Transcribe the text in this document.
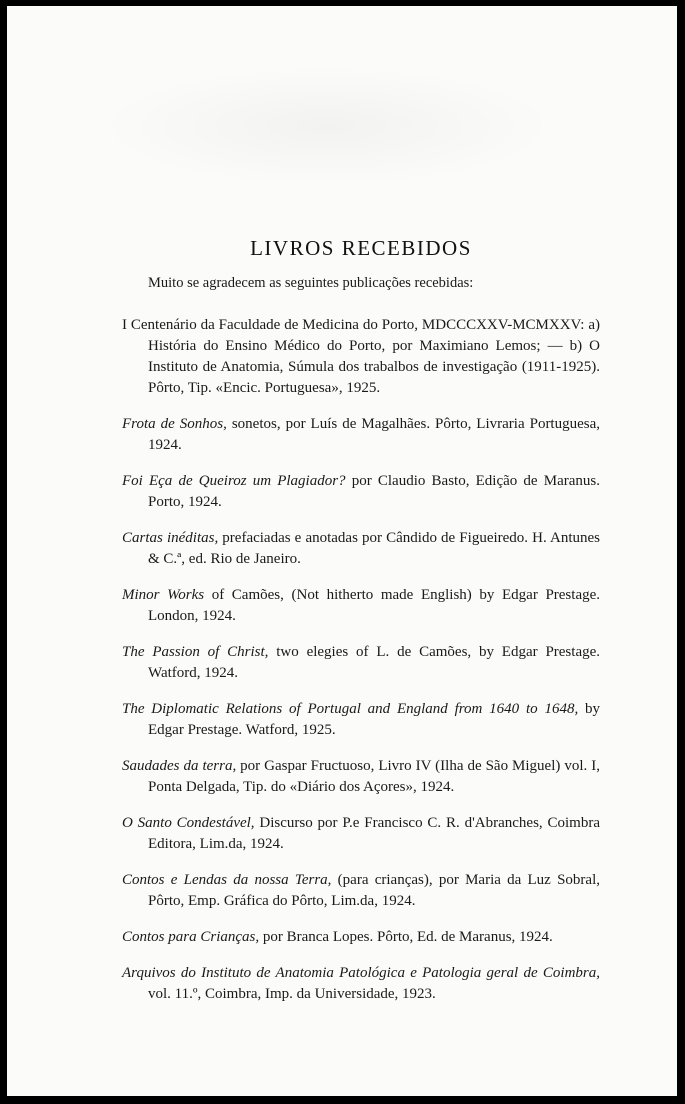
LIVROS RECEBIDOS

Muito se agradecem as seguintes publicações recebidas:

I Centenário da Faculdade de Medicina do Porto, MDCCCXXV-MCMXXV: a) História do Ensino Médico do Porto, por Maximiano Lemos; — b) O Instituto de Anatomia, Súmula dos trabalbos de investigação (1911-1925). Pôrto, Tip. «Encic. Portuguesa», 1925.

Frota de Sonhos, sonetos, por Luís de Magalhães. Pôrto, Livraria Portuguesa, 1924.

Foi Eça de Queiroz um Plagiador? por Claudio Basto, Edição de Maranus. Porto, 1924.

Cartas inéditas, prefaciadas e anotadas por Cândido de Figueiredo. H. Antunes & C.ª, ed. Rio de Janeiro.

Minor Works of Camões, (Not hitherto made English) by Edgar Prestage. London, 1924.

The Passion of Christ, two elegies of L. de Camões, by Edgar Prestage. Watford, 1924.

The Diplomatic Relations of Portugal and England from 1640 to 1648, by Edgar Prestage. Watford, 1925.

Saudades da terra, por Gaspar Fructuoso, Livro IV (Ilha de São Miguel) vol. I, Ponta Delgada, Tip. do «Diário dos Açores», 1924.

O Santo Condestável, Discurso por P.e Francisco C. R. d'Abranches, Coimbra Editora, Lim.da, 1924.

Contos e Lendas da nossa Terra, (para crianças), por Maria da Luz Sobral, Pôrto, Emp. Gráfica do Pôrto, Lim.da, 1924.

Contos para Crianças, por Branca Lopes. Pôrto, Ed. de Maranus, 1924.

Arquivos do Instituto de Anatomia Patológica e Patologia geral de Coimbra, vol. 11.º, Coimbra, Imp. da Universidade, 1923.
